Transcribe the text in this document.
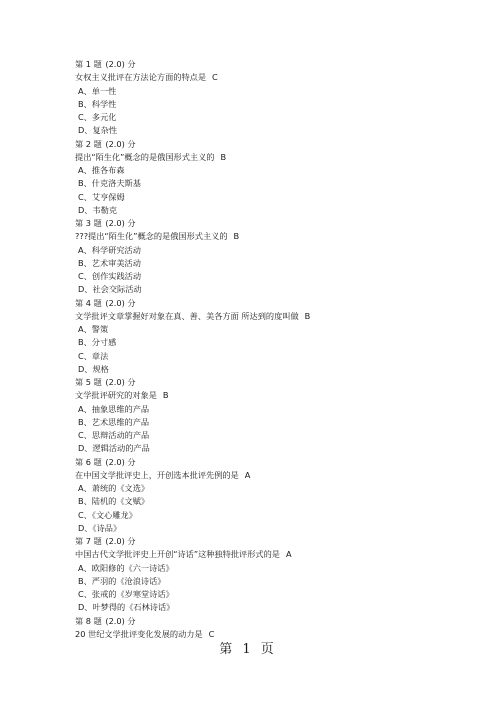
第 1 题 (2.0) 分
女权主义批评在方法论方面的特点是 C
A、单一性
B、科学性
C、多元化
D、复杂性
第 2 题 (2.0) 分
提出“陌生化”概念的是俄国形式主义的 B
A、推各布森
B、什克洛夫斯基
C、艾亨保姆
D、韦勒克
第 3 题 (2.0) 分
???提出“陌生化”概念的是俄国形式主义的 B
A、科学研究活动
B、艺术审美活动
C、创作实践活动
D、社会交际活动
第 4 题 (2.0) 分
文学批评文章掌握好对象在真、善、美各方面 所达到的度叫做 B
A、警策
B、分寸感
C、章法
D、规格
第 5 题 (2.0) 分
文学批评研究的对象是 B
A、抽象思维的产品
B、艺术思维的产品
C、思辩活动的产品
D、逻辑活动的产品
第 6 题 (2.0) 分
在中国文学批评史上，开创选本批评先例的是 A
A、萧统的《文选》
B、陆机的《文赋》
C、《文心雕龙》
D、《诗品》
第 7 题 (2.0) 分
中国古代文学批评史上开创“诗话”这种独特批评形式的是 A
A、欧阳修的《六一诗话》
B、严羽的《沧浪诗话》
C、张戒的《岁寒堂诗话》
D、叶梦得的《石林诗话》
第 8 题 (2.0) 分
20 世纪文学批评变化发展的动力是 C
第 1 页
